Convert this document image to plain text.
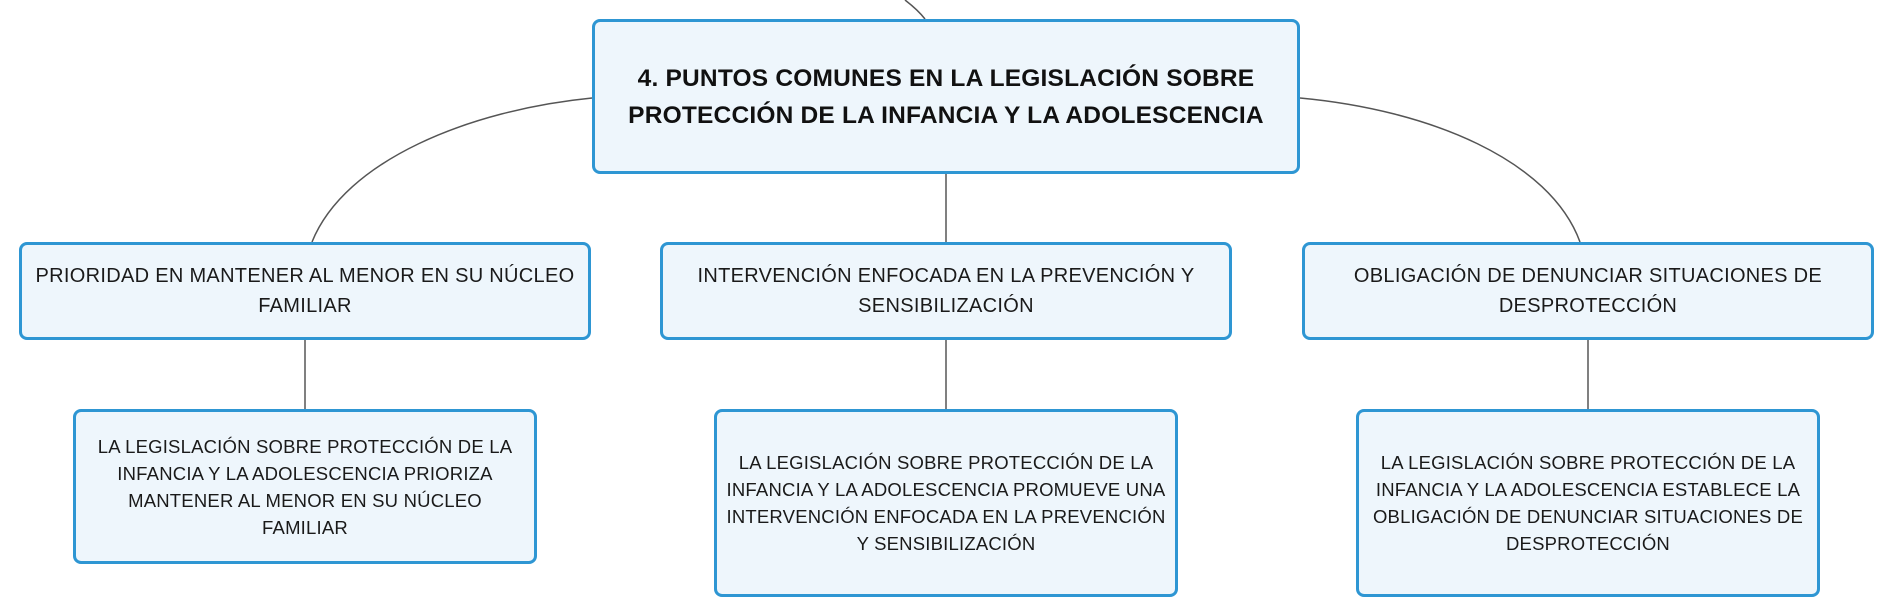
4. PUNTOS COMUNES EN LA LEGISLACIÓN SOBRE PROTECCIÓN DE LA INFANCIA Y LA ADOLESCENCIA
PRIORIDAD EN MANTENER AL MENOR EN SU NÚCLEO FAMILIAR
INTERVENCIÓN ENFOCADA EN LA PREVENCIÓN Y SENSIBILIZACIÓN
OBLIGACIÓN DE DENUNCIAR SITUACIONES DE DESPROTECCIÓN
LA LEGISLACIÓN SOBRE PROTECCIÓN DE LA INFANCIA Y LA ADOLESCENCIA PRIORIZA MANTENER AL MENOR EN SU NÚCLEO FAMILIAR
LA LEGISLACIÓN SOBRE PROTECCIÓN DE LA INFANCIA Y LA ADOLESCENCIA PROMUEVE UNA INTERVENCIÓN ENFOCADA EN LA PREVENCIÓN Y SENSIBILIZACIÓN
LA LEGISLACIÓN SOBRE PROTECCIÓN DE LA INFANCIA Y LA ADOLESCENCIA ESTABLECE LA OBLIGACIÓN DE DENUNCIAR SITUACIONES DE DESPROTECCIÓN
